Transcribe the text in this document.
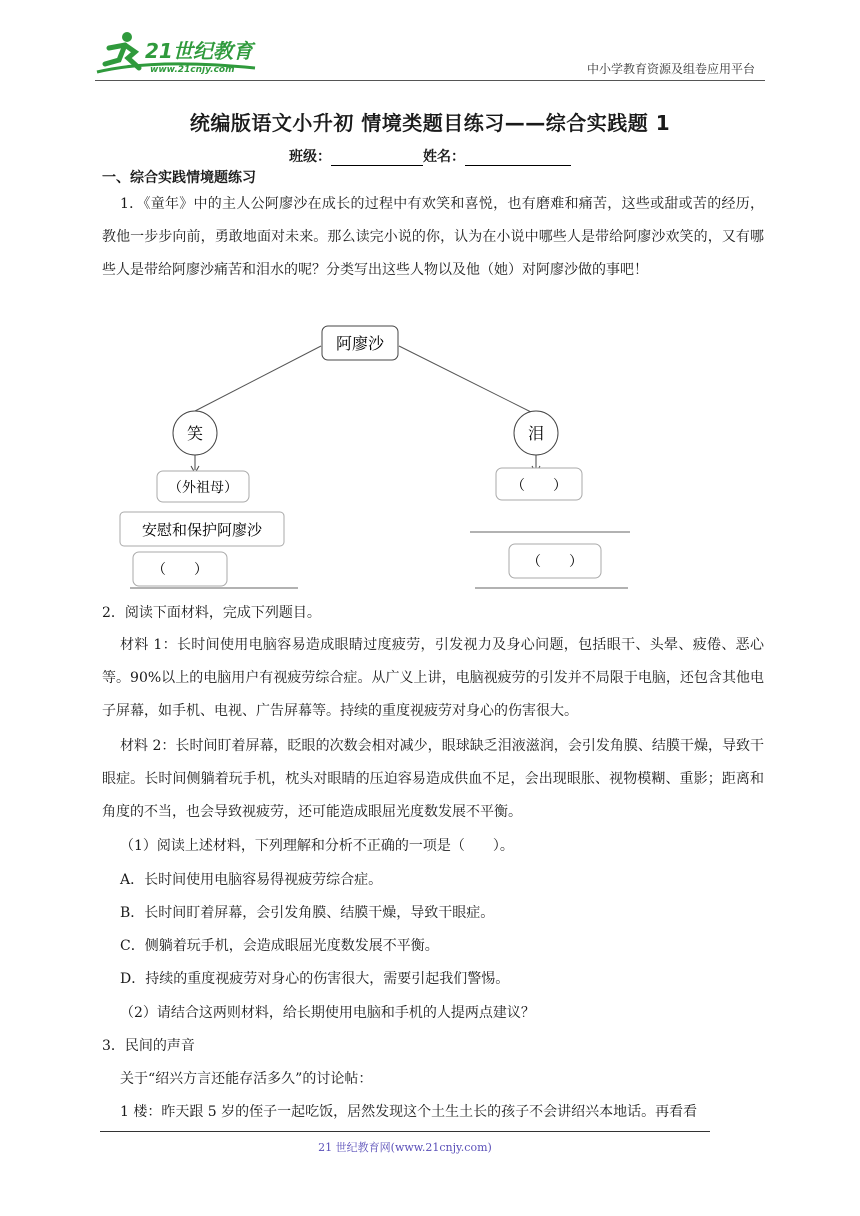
21世纪教育
www.21cnjy.com	中小学教育资源及组卷应用平台
统编版语文小升初 情境类题目练习——综合实践题 1
班级：	姓名：
一、综合实践情境题练习

1．《童年》中的主人公阿廖沙在成长的过程中有欢笑和喜悦，也有磨难和痛苦，这些或甜或苦的经历，教他一步步向前，勇敢地面对未来。那么读完小说的你，认为在小说中哪些人是带给阿廖沙欢笑的，又有哪些人是带给阿廖沙痛苦和泪水的呢？分类写出这些人物以及他（她）对阿廖沙做的事吧！

阿廖沙
笑	泪
（外祖母）
安慰和保护阿廖沙
（　　）
（　　）
（　　）

2．阅读下面材料，完成下列题目。

材料 1：长时间使用电脑容易造成眼睛过度疲劳，引发视力及身心问题，包括眼干、头晕、疲倦、恶心等。90%以上的电脑用户有视疲劳综合症。从广义上讲，电脑视疲劳的引发并不局限于电脑，还包含其他电子屏幕，如手机、电视、广告屏幕等。持续的重度视疲劳对身心的伤害很大。

材料 2：长时间盯着屏幕，眨眼的次数会相对减少，眼球缺乏泪液滋润，会引发角膜、结膜干燥，导致干眼症。长时间侧躺着玩手机，枕头对眼睛的压迫容易造成供血不足，会出现眼胀、视物模糊、重影；距离和角度的不当，也会导致视疲劳，还可能造成眼屈光度数发展不平衡。

（1）阅读上述材料，下列理解和分析不正确的一项是（　　）。

A．长时间使用电脑容易得视疲劳综合症。

B．长时间盯着屏幕，会引发角膜、结膜干燥，导致干眼症。

C．侧躺着玩手机，会造成眼屈光度数发展不平衡。

D．持续的重度视疲劳对身心的伤害很大，需要引起我们警惕。

（2）请结合这两则材料，给长期使用电脑和手机的人提两点建议？

3．民间的声音

关于“绍兴方言还能存活多久”的讨论帖：

1 楼：昨天跟 5 岁的侄子一起吃饭，居然发现这个土生土长的孩子不会讲绍兴本地话。再看看

21 世纪教育网(www.21cnjy.com)
